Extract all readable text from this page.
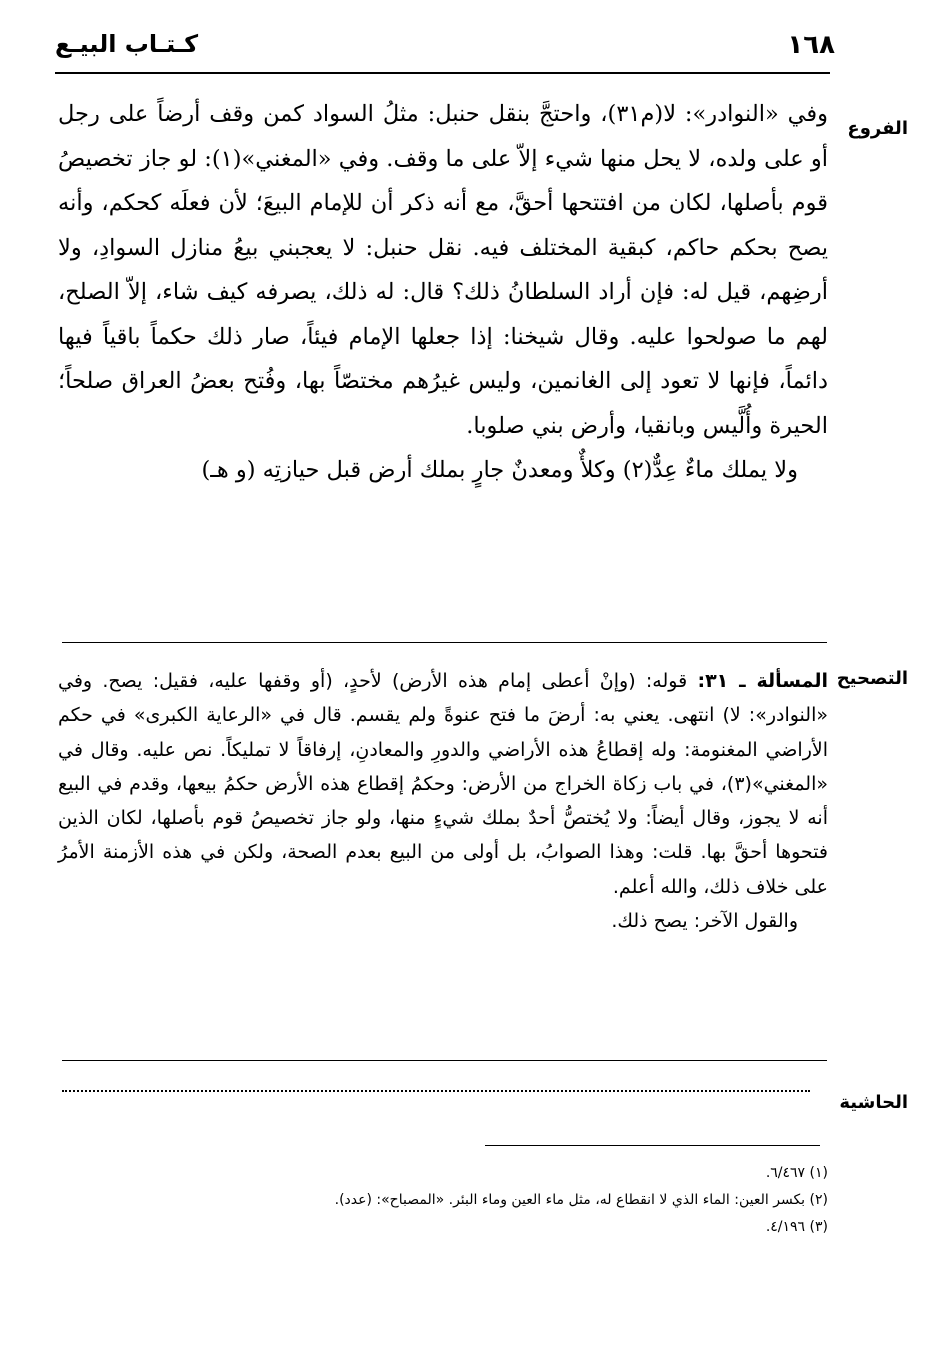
١٦٨
كـتـاب البيـع
الفروع

وفي «النوادر»: لا(م٣١)، واحتجَّ بنقل حنبل: مثلُ السواد كمن وقف أرضاً على رجل أو على ولده، لا يحل منها شيء إلاّ على ما وقف. وفي «المغني»(١): لو جاز تخصيصُ قوم بأصلها، لكان من افتتحها أحقَّ، مع أنه ذكر أن للإمام البيعَ؛ لأن فعلَه كحكم، وأنه يصح بحكم حاكم، كبقية المختلف فيه. نقل حنبل: لا يعجبني بيعُ منازل السوادِ، ولا أرضِهم، قيل له: فإن أراد السلطانُ ذلك؟ قال: له ذلك، يصرفه كيف شاء، إلاّ الصلح، لهم ما صولحوا عليه. وقال شيخنا: إذا جعلها الإمام فيئاً، صار ذلك حكماً باقياً فيها دائماً، فإنها لا تعود إلى الغانمين، وليس غيرُهم مختصّاً بها، وفُتح بعضُ العراق صلحاً؛ الحيرة وأُلَّيس وبانقيا، وأرض بني صلوبا.

ولا يملك ماءٌ عِدٌّ(٢) وكلأٌ ومعدنٌ جارٍ بملك أرض قبل حيازتِه (و هـ)

التصحيح

المسألة ـ ٣١: قوله: (وإنْ أعطى إمام هذه الأرض) لأحدٍ، (أو وقفها عليه، فقيل: يصح. وفي «النوادر»: لا) انتهى. يعني به: أرضَ ما فتح عنوةً ولم يقسم. قال في «الرعاية الكبرى» في حكم الأراضي المغنومة: وله إقطاعُ هذه الأراضي والدورِ والمعادنِ، إرفاقاً لا تمليكاً. نص عليه. وقال في «المغني»(٣)، في باب زكاة الخراج من الأرض: وحكمُ إقطاع هذه الأرض حكمُ بيعها، وقدم في البيع أنه لا يجوز، وقال أيضاً: ولا يُختصُّ أحدٌ بملك شيءٍ منها، ولو جاز تخصيصُ قوم بأصلها، لكان الذين فتحوها أحقَّ بها. قلت: وهذا الصوابُ، بل أولى من البيع بعدم الصحة، ولكن في هذه الأزمنة الأمرُ على خلاف ذلك، والله أعلم.

والقول الآخر: يصح ذلك.

الحاشية
(١) ٦/٤٦٧.
(٢) بكسر العين: الماء الذي لا انقطاع له، مثل ماء العين وماء البئر. «المصباح»: (عدد).
(٣) ٤/١٩٦.
